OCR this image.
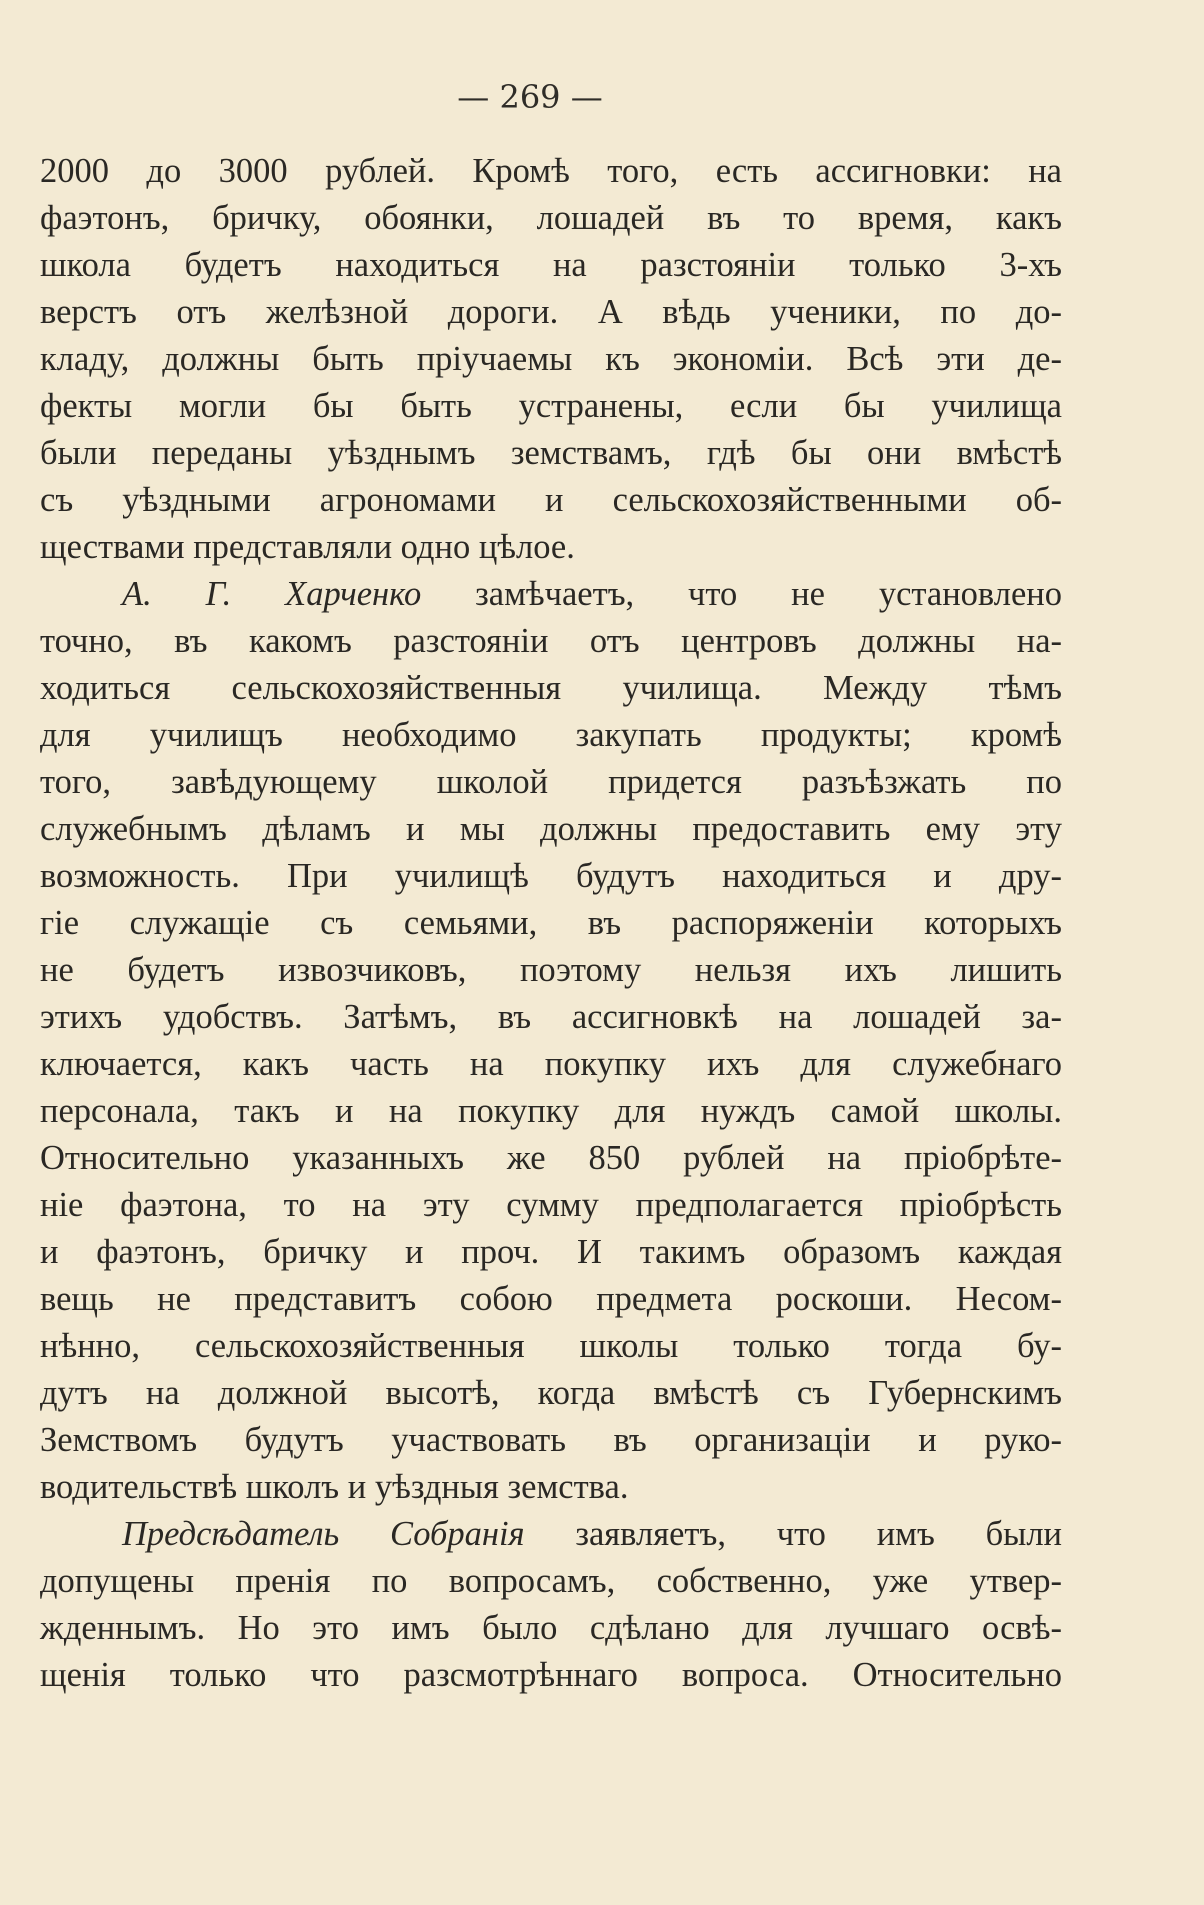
— 269 —
2000 до 3000 рублей. Кромѣ того, есть ассигновки: на
фаэтонъ, бричку, обоянки, лошадей въ то время, какъ
школа будетъ находиться на разстояніи только 3-хъ
верстъ отъ желѣзной дороги. А вѣдь ученики, по до-
кладу, должны быть пріучаемы къ экономіи. Всѣ эти де-
фекты могли бы быть устранены, если бы училища
были переданы уѣзднымъ земствамъ, гдѣ бы они вмѣстѣ
съ уѣздными агрономами и сельскохозяйственными об-
ществами представляли одно цѣлое.
А. Г. Харченко замѣчаетъ, что не установлено
точно, въ какомъ разстояніи отъ центровъ должны на-
ходиться сельскохозяйственныя училища. Между тѣмъ
для училищъ необходимо закупать продукты; кромѣ
того, завѣдующему школой придется разъѣзжать по
служебнымъ дѣламъ и мы должны предоставить ему эту
возможность. При училищѣ будутъ находиться и дру-
гіе служащіе съ семьями, въ распоряженіи которыхъ
не будетъ извозчиковъ, поэтому нельзя ихъ лишить
этихъ удобствъ. Затѣмъ, въ ассигновкѣ на лошадей за-
ключается, какъ часть на покупку ихъ для служебнаго
персонала, такъ и на покупку для нуждъ самой школы.
Относительно указанныхъ же 850 рублей на пріобрѣте-
ніе фаэтона, то на эту сумму предполагается пріобрѣсть
и фаэтонъ, бричку и проч. И такимъ образомъ каждая
вещь не представитъ собою предмета роскоши. Несом-
нѣнно, сельскохозяйственныя школы только тогда бу-
дутъ на должной высотѣ, когда вмѣстѣ съ Губернскимъ
Земствомъ будутъ участвовать въ организаціи и руко-
водительствѣ школъ и уѣздныя земства.
Предсѣдатель Собранія заявляетъ, что имъ были
допущены пренія по вопросамъ, собственно, уже утвер-
жденнымъ. Но это имъ было сдѣлано для лучшаго освѣ-
щенія только что разсмотрѣннаго вопроса. Относительно
